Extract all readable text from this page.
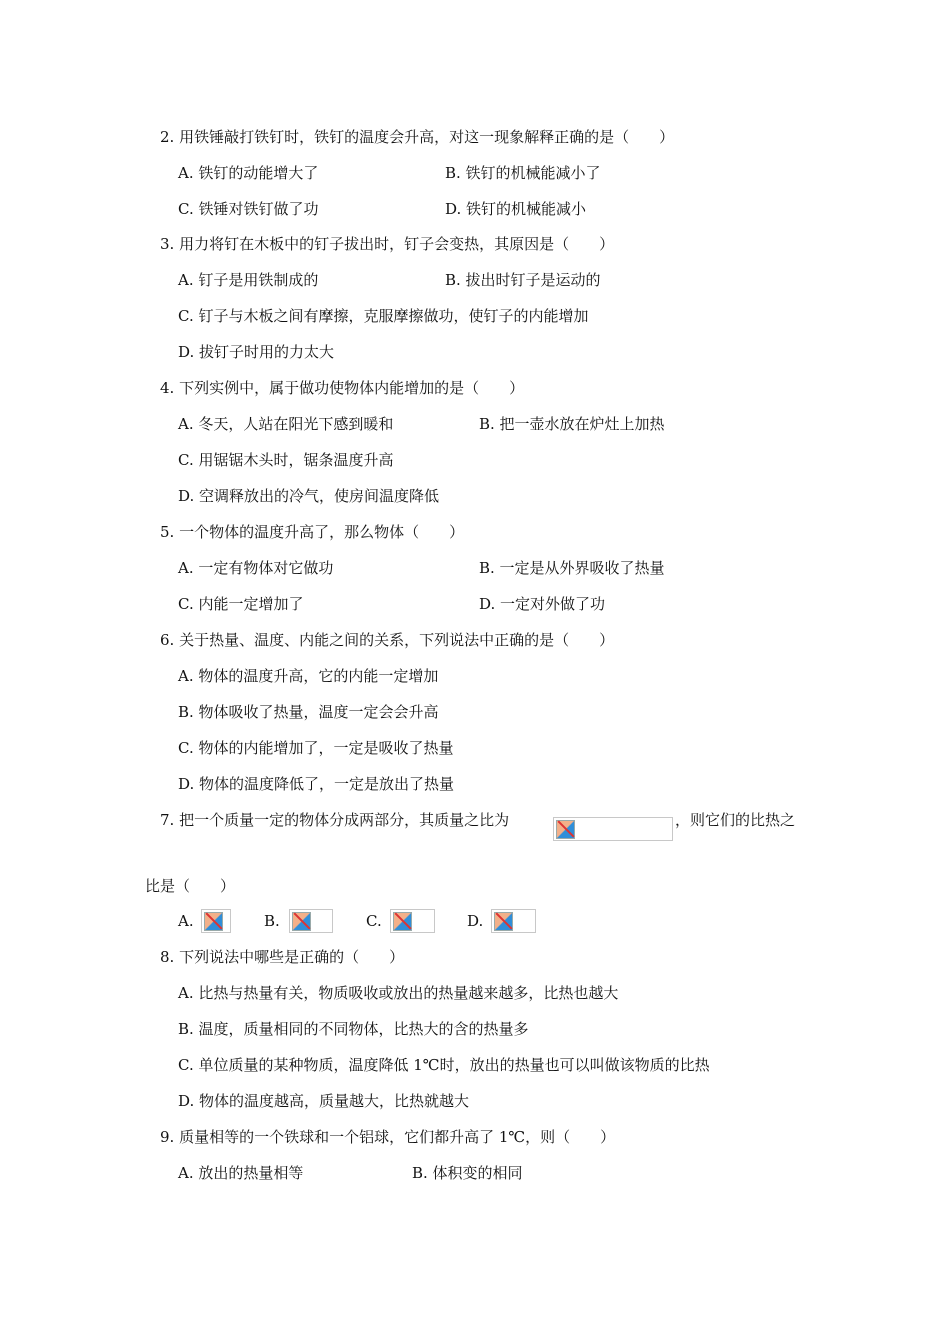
2. 用铁锤敲打铁钉时，铁钉的温度会升高，对这一现象解释正确的是（　　）
A. 铁钉的动能增大了	B. 铁钉的机械能减小了
C. 铁锤对铁钉做了功	D. 铁钉的机械能减小
3. 用力将钉在木板中的钉子拔出时，钉子会变热，其原因是（　　）
A. 钉子是用铁制成的	B. 拔出时钉子是运动的
C. 钉子与木板之间有摩擦，克服摩擦做功，使钉子的内能增加
D. 拔钉子时用的力太大
4. 下列实例中，属于做功使物体内能增加的是（　　）
A. 冬天，人站在阳光下感到暖和	B. 把一壶水放在炉灶上加热
C. 用锯锯木头时，锯条温度升高
D. 空调释放出的冷气，使房间温度降低
5. 一个物体的温度升高了，那么物体（　　）
A. 一定有物体对它做功	B. 一定是从外界吸收了热量
C. 内能一定增加了	D. 一定对外做了功
6. 关于热量、温度、内能之间的关系，下列说法中正确的是（　　）
A. 物体的温度升高，它的内能一定增加
B. 物体吸收了热量，温度一定会会升高
C. 物体的内能增加了，一定是吸收了热量
D. 物体的温度降低了，一定是放出了热量
7. 把一个质量一定的物体分成两部分，其质量之比为	，则它们的比热之
比是（　　）
A.	B.	C.	D.
8. 下列说法中哪些是正确的（　　）
A. 比热与热量有关，物质吸收或放出的热量越来越多，比热也越大
B. 温度，质量相同的不同物体，比热大的含的热量多
C. 单位质量的某种物质，温度降低 1℃时，放出的热量也可以叫做该物质的比热
D. 物体的温度越高，质量越大，比热就越大
9. 质量相等的一个铁球和一个铝球，它们都升高了 1℃，则（　　）
A. 放出的热量相等	B. 体积变的相同
